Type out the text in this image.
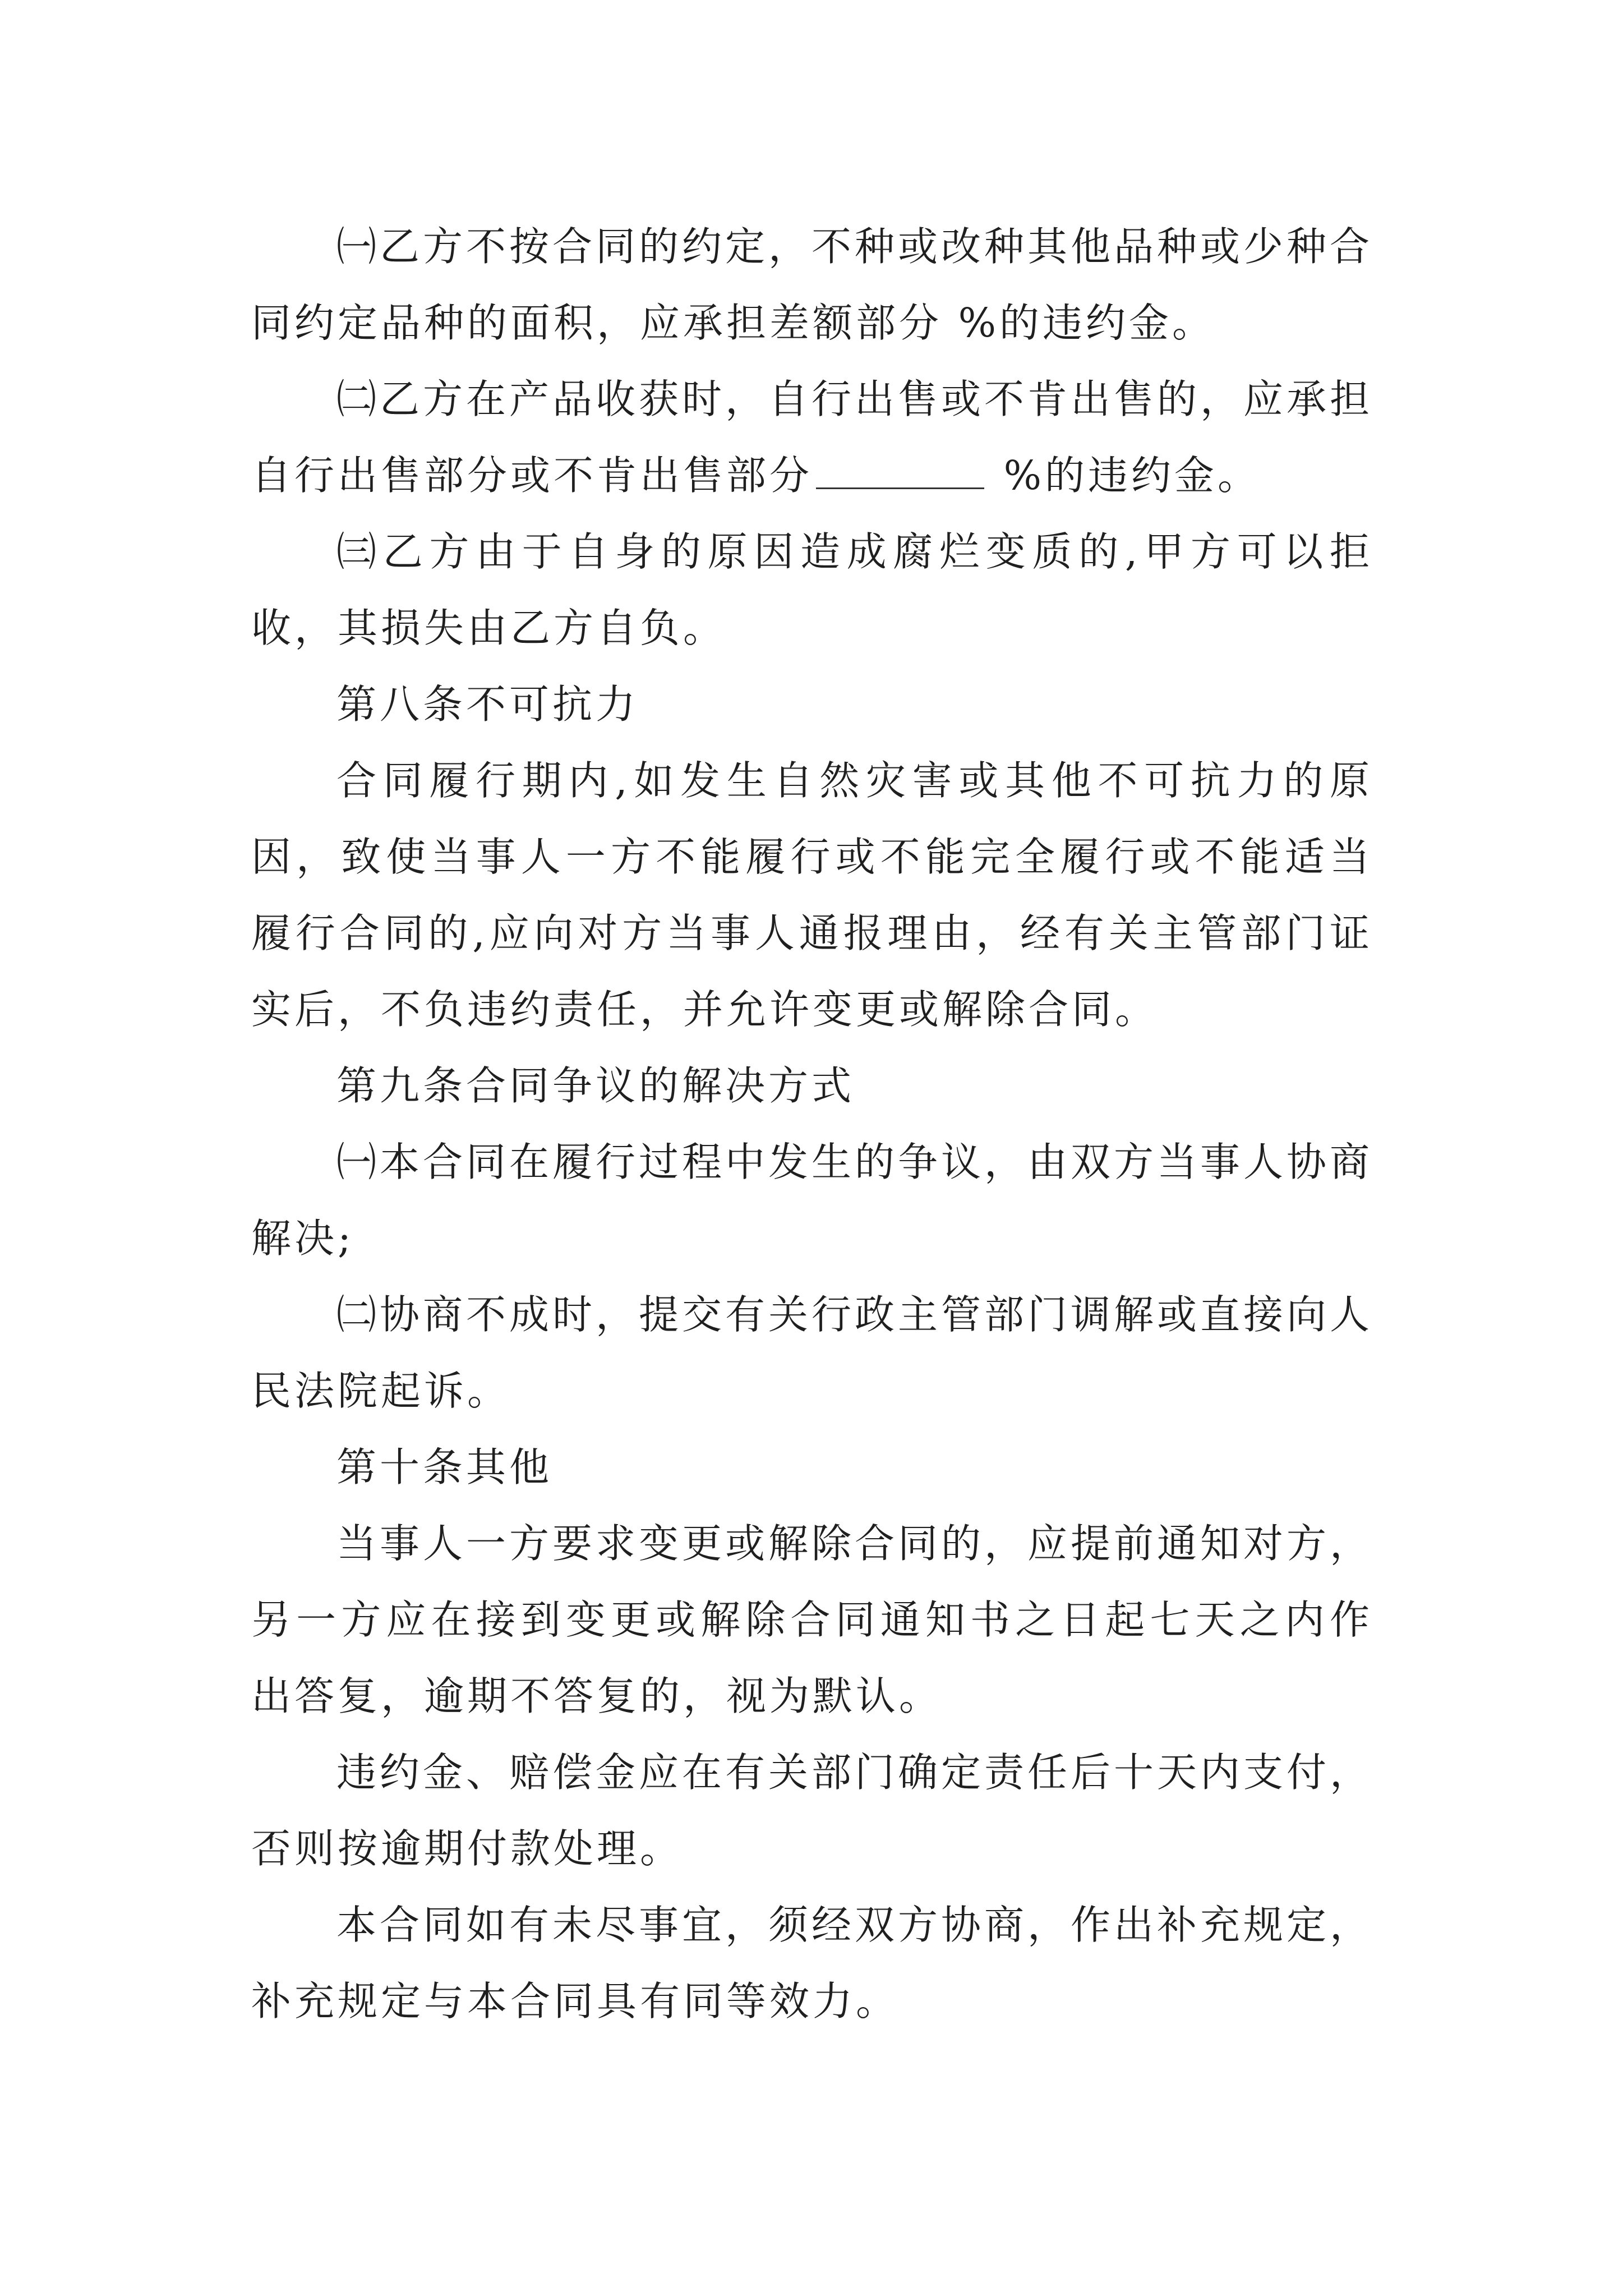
㈠乙方不按合同的约定，不种或改种其他品种或少种合同约定品种的面积，应承担差额部分 %的违约金。

㈡乙方在产品收获时，自行出售或不肯出售的，应承担自行出售部分或不肯出售部分	%的违约金。

㈢乙方由于自身的原因造成腐烂变质的,甲方可以拒收，其损失由乙方自负。

第八条不可抗力

合同履行期内,如发生自然灾害或其他不可抗力的原因，致使当事人一方不能履行或不能完全履行或不能适当履行合同的,应向对方当事人通报理由，经有关主管部门证实后，不负违约责任，并允许变更或解除合同。

第九条合同争议的解决方式

㈠本合同在履行过程中发生的争议，由双方当事人协商解决;

㈡协商不成时，提交有关行政主管部门调解或直接向人民法院起诉。

第十条其他

当事人一方要求变更或解除合同的，应提前通知对方，另一方应在接到变更或解除合同通知书之日起七天之内作出答复，逾期不答复的，视为默认。

违约金、赔偿金应在有关部门确定责任后十天内支付，否则按逾期付款处理。

本合同如有未尽事宜，须经双方协商，作出补充规定，补充规定与本合同具有同等效力。
